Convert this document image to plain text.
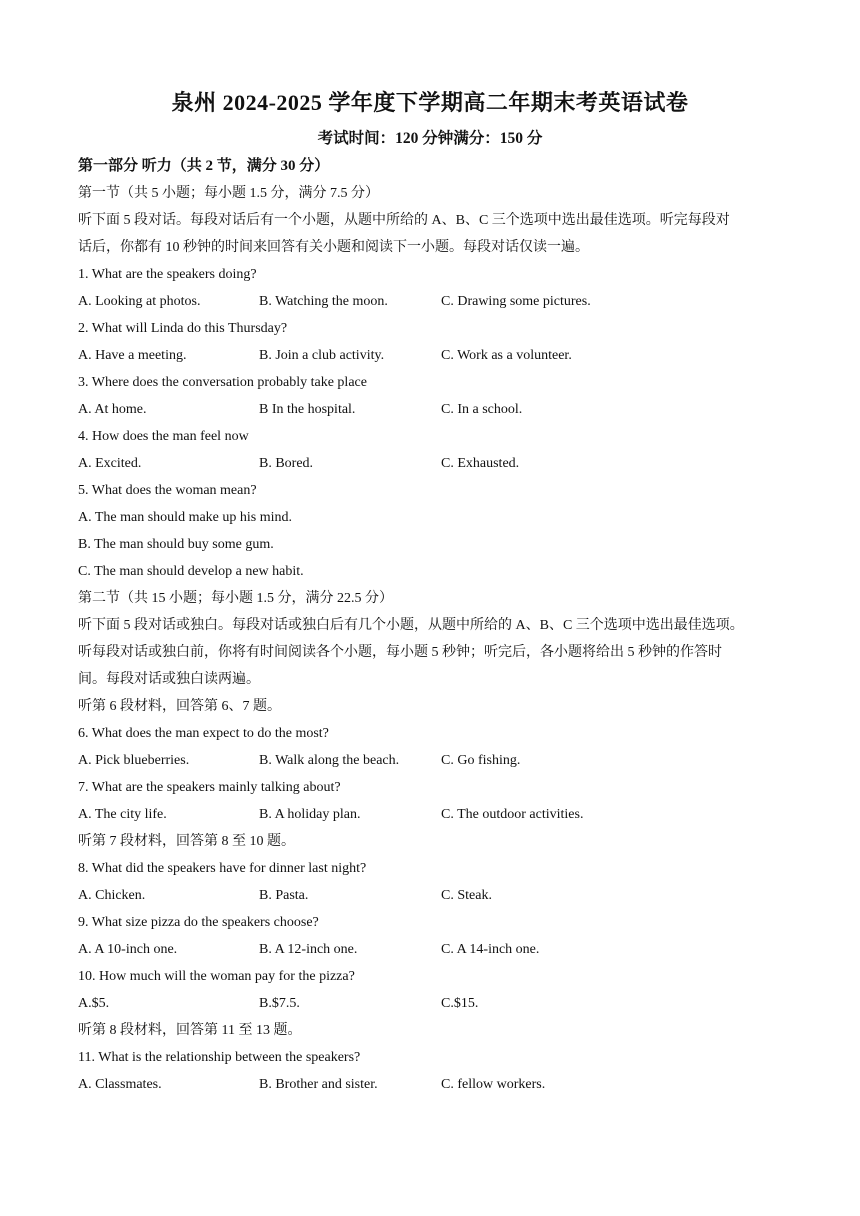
泉州 2024-2025 学年度下学期高二年期末考英语试卷
考试时间：120 分钟满分：150 分
第一部分 听力（共 2 节，满分 30 分）
第一节（共 5 小题；每小题 1.5 分，满分 7.5 分）
听下面 5 段对话。每段对话后有一个小题，从题中所给的 A、B、C 三个选项中选出最佳选项。听完每段对
话后，你都有 10 秒钟的时间来回答有关小题和阅读下一小题。每段对话仅读一遍。
1. What are the speakers doing?
A. Looking at photos.	B. Watching the moon.	C. Drawing some pictures.
2. What will Linda do this Thursday?
A. Have a meeting.	B. Join a club activity.	C. Work as a volunteer.
3. Where does the conversation probably take place
A. At home.	B In the hospital.	C. In a school.
4. How does the man feel now
A. Excited.	B. Bored.	C. Exhausted.
5. What does the woman mean?
A. The man should make up his mind.
B. The man should buy some gum.
C. The man should develop a new habit.
第二节（共 15 小题；每小题 1.5 分，满分 22.5 分）
听下面 5 段对话或独白。每段对话或独白后有几个小题，从题中所给的 A、B、C 三个选项中选出最佳选项。
听每段对话或独白前，你将有时间阅读各个小题，每小题 5 秒钟；听完后，各小题将给出 5 秒钟的作答时
间。每段对话或独白读两遍。
听第 6 段材料，回答第 6、7 题。
6. What does the man expect to do the most?
A. Pick blueberries.	B. Walk along the beach.	C. Go fishing.
7. What are the speakers mainly talking about?
A. The city life.	B. A holiday plan.	C. The outdoor activities.
听第 7 段材料，回答第 8 至 10 题。
8. What did the speakers have for dinner last night?
A. Chicken.	B. Pasta.	C. Steak.
9. What size pizza do the speakers choose?
A. A 10-inch one.	B. A 12-inch one.	C. A 14-inch one.
10. How much will the woman pay for the pizza?
A.$5.	B.$7.5.	C.$15.
听第 8 段材料，回答第 11 至 13 题。
11. What is the relationship between the speakers?
A. Classmates.	B. Brother and sister.	C. fellow workers.
